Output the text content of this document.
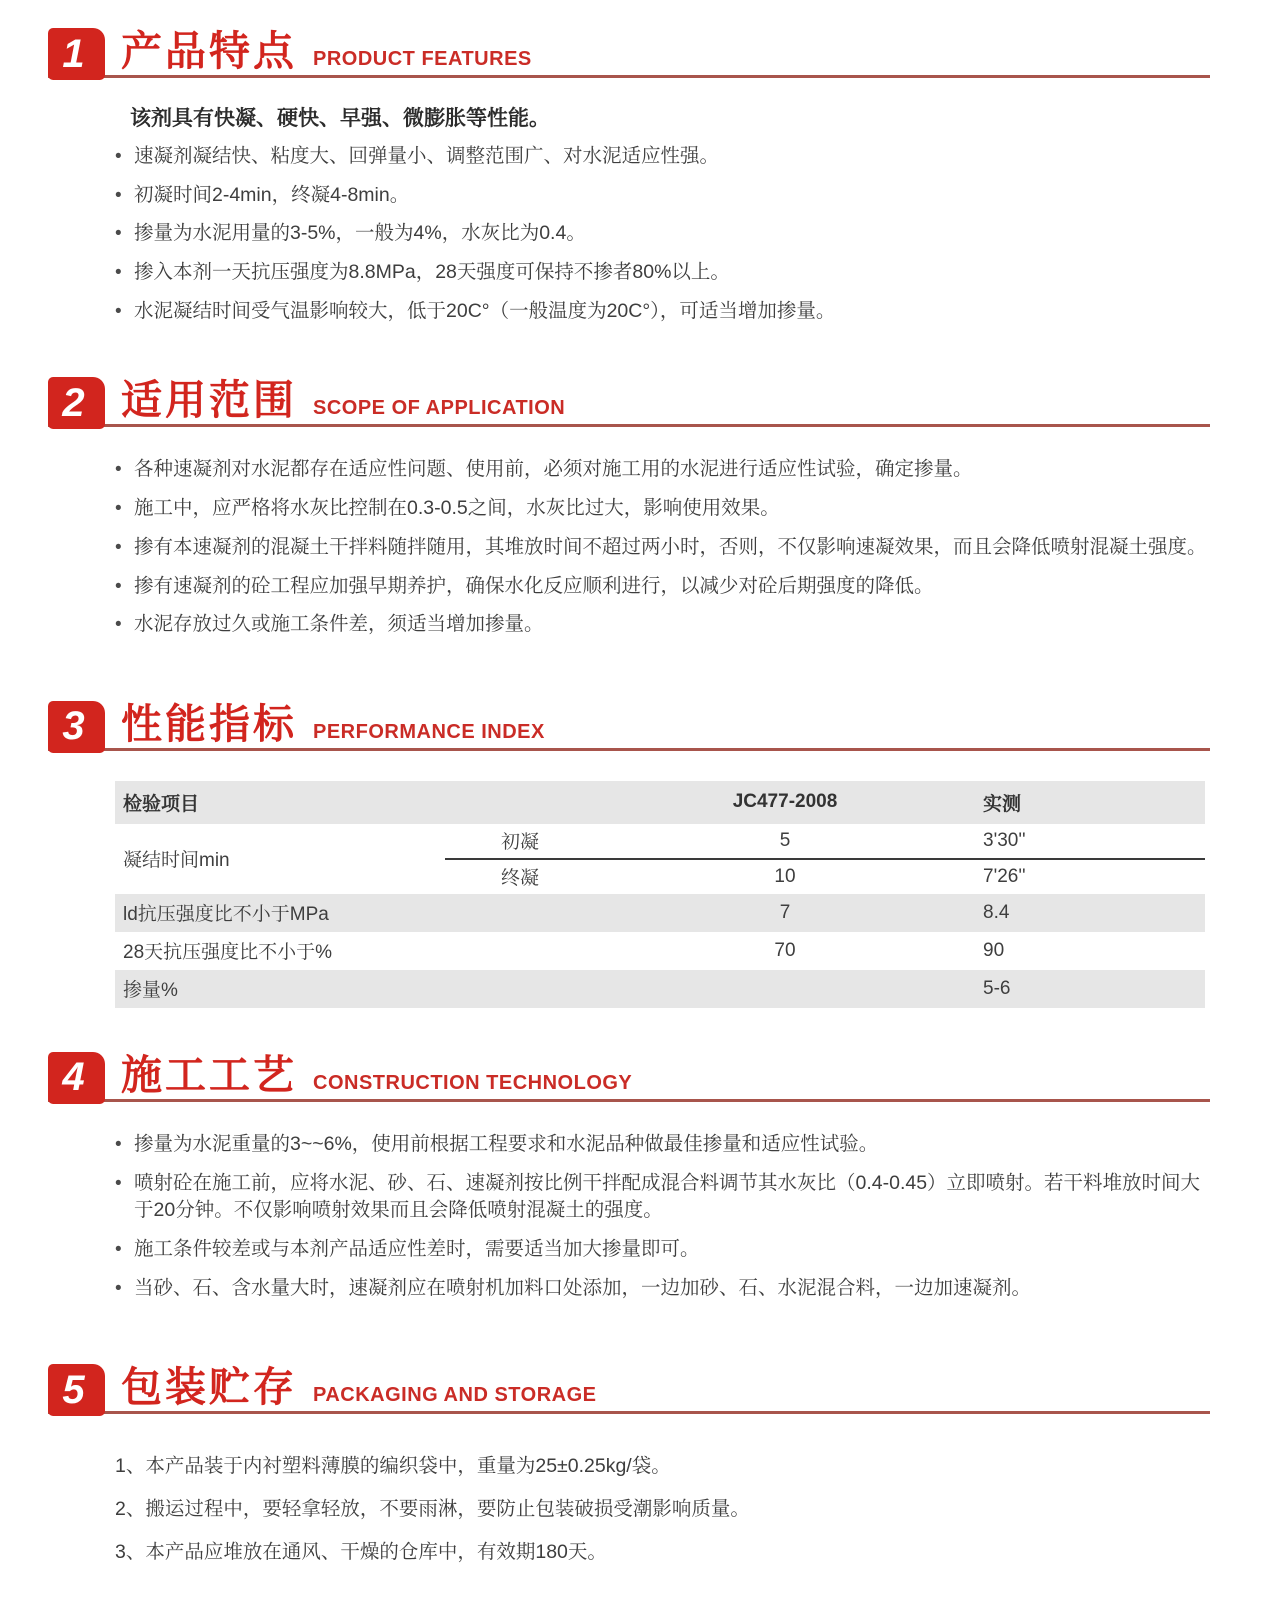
1 产品特点 PRODUCT FEATURES
该剂具有快凝、硬快、早强、微膨胀等性能。
• 速凝剂凝结快、粘度大、回弹量小、调整范围广、对水泥适应性强。
• 初凝时间2-4min，终凝4-8min。
• 掺量为水泥用量的3-5%，一般为4%，水灰比为0.4。
• 掺入本剂一天抗压强度为8.8MPa，28天强度可保持不掺者80%以上。
• 水泥凝结时间受气温影响较大，低于20C°（一般温度为20C°），可适当增加掺量。
2 适用范围 SCOPE OF APPLICATION
• 各种速凝剂对水泥都存在适应性问题、使用前，必须对施工用的水泥进行适应性试验，确定掺量。
• 施工中，应严格将水灰比控制在0.3-0.5之间，水灰比过大，影响使用效果。
• 掺有本速凝剂的混凝土干拌料随拌随用，其堆放时间不超过两小时，否则，不仅影响速凝效果，而且会降低喷射混凝土强度。
• 掺有速凝剂的砼工程应加强早期养护，确保水化反应顺利进行，以减少对砼后期强度的降低。
• 水泥存放过久或施工条件差，须适当增加掺量。
3 性能指标 PERFORMANCE INDEX
检验项目		JC477-2008	实测
凝结时间min	初凝	5	3'30''
	终凝	10	7'26''
ld抗压强度比不小于MPa		7	8.4
28天抗压强度比不小于%		70	90
掺量%			5-6
4 施工工艺 CONSTRUCTION TECHNOLOGY
• 掺量为水泥重量的3~~6%，使用前根据工程要求和水泥品种做最佳掺量和适应性试验。
• 喷射砼在施工前，应将水泥、砂、石、速凝剂按比例干拌配成混合料调节其水灰比（0.4-0.45）立即喷射。若干料堆放时间大于20分钟。不仅影响喷射效果而且会降低喷射混凝土的强度。
• 施工条件较差或与本剂产品适应性差时，需要适当加大掺量即可。
• 当砂、石、含水量大时，速凝剂应在喷射机加料口处添加，一边加砂、石、水泥混合料，一边加速凝剂。
5 包装贮存 PACKAGING AND STORAGE
1、本产品装于内衬塑料薄膜的编织袋中，重量为25±0.25kg/袋。
2、搬运过程中，要轻拿轻放，不要雨淋，要防止包装破损受潮影响质量。
3、本产品应堆放在通风、干燥的仓库中，有效期180天。
